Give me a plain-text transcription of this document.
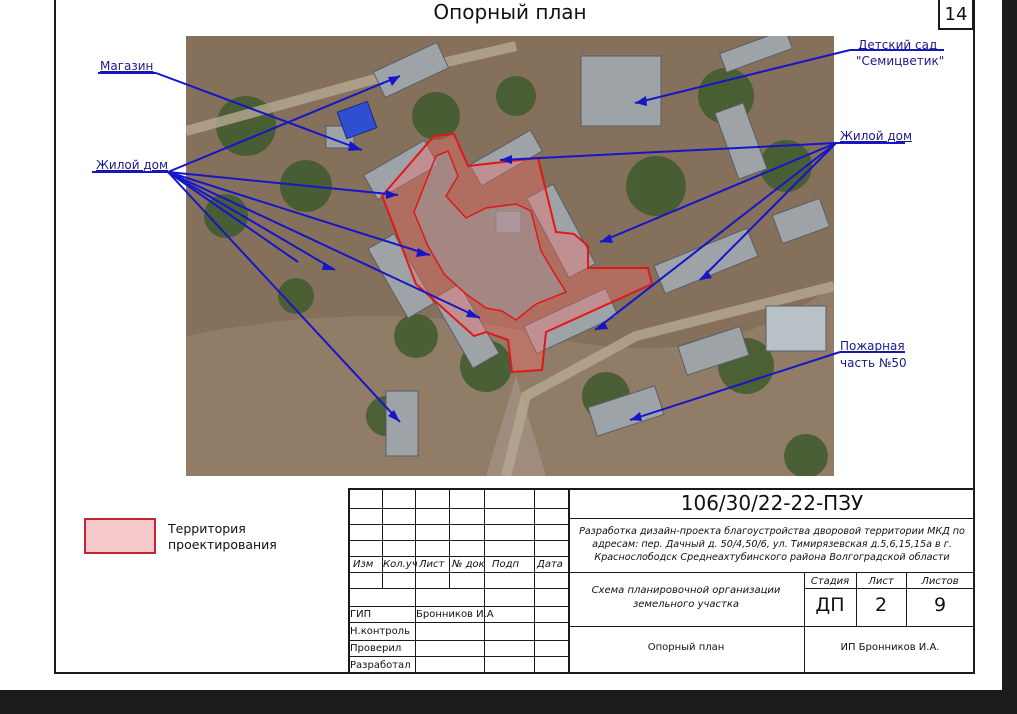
14
Опорный план
Магазин
Жилой дом
Детский сад
"Семицветик"
Жилой дом
Пожарная
часть №50
Территория проектирования
Изм Кол.уч Лист № док Подп Дата
ГИП	Бронников И.А
Н.контроль
Проверил
Разработал
106/30/22-22-ПЗУ
Разработка дизайн-проекта благоустройства дворовой территории МКД по адресам: пер. Дачный д. 50/4,50/6, ул. Тимирязевская д.5,6,15,15а в г. Краснослободск Среднеахтубинского района Волгоградской области
Схема планировочной организации земельного участка
Стадия	Лист	Листов
ДП	2	9
Опорный план	ИП Бронников И.А.
